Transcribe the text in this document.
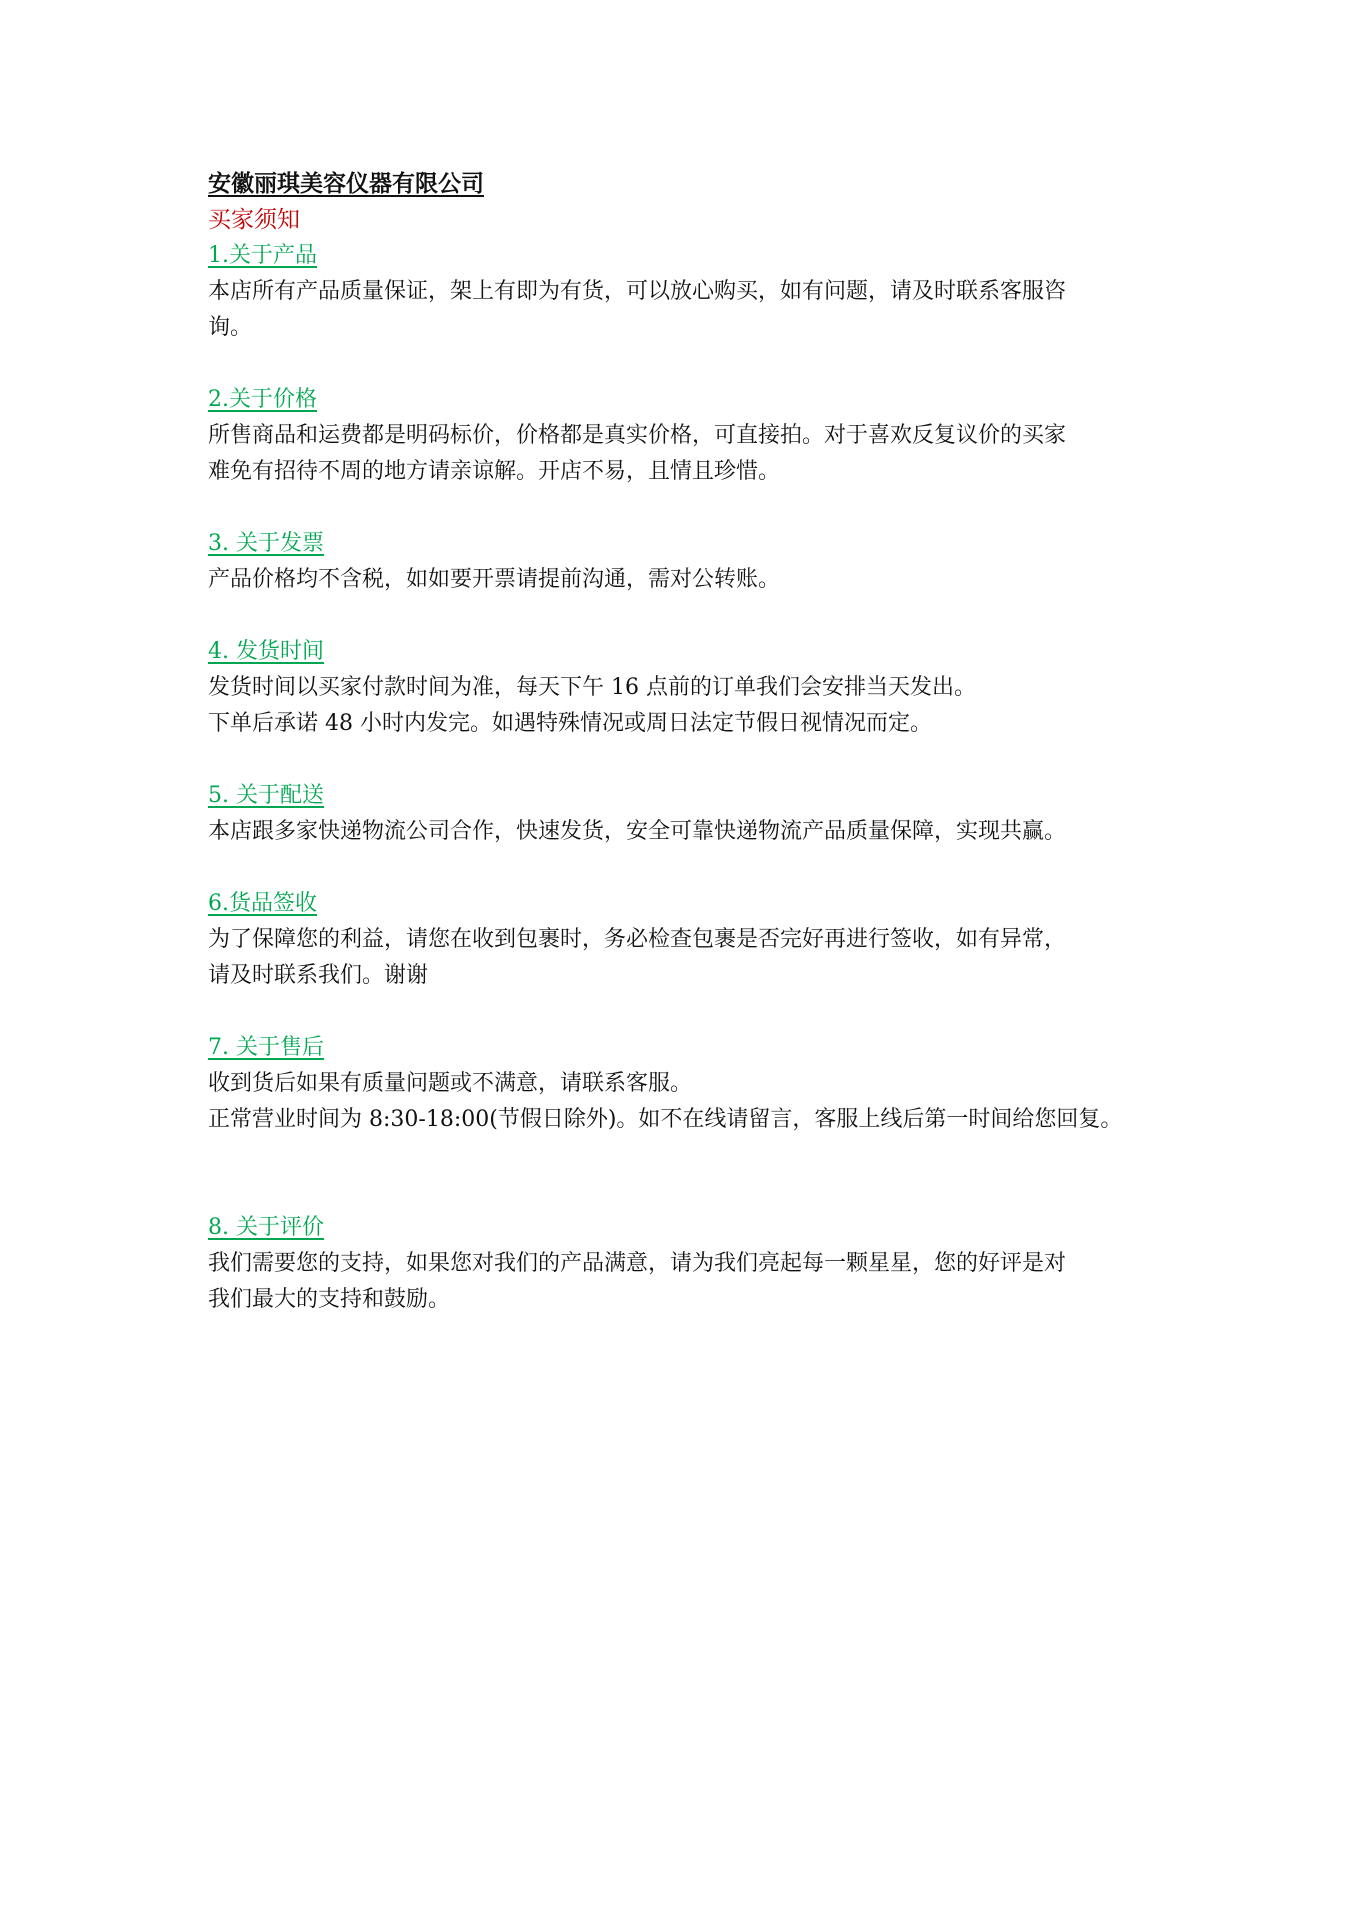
安徽丽琪美容仪器有限公司

买家须知

1.关于产品

本店所有产品质量保证，架上有即为有货，可以放心购买，如有问题，请及时联系客服咨

询。

2.关于价格

所售商品和运费都是明码标价，价格都是真实价格，可直接拍。对于喜欢反复议价的买家

难免有招待不周的地方请亲谅解。开店不易，且情且珍惜。

3. 关于发票

产品价格均不含税，如如要开票请提前沟通，需对公转账。

4. 发货时间

发货时间以买家付款时间为准，每天下午 16 点前的订单我们会安排当天发出。

下单后承诺 48 小时内发完。如遇特殊情况或周日法定节假日视情况而定。

5. 关于配送

本店跟多家快递物流公司合作，快速发货，安全可靠快递物流产品质量保障，实现共赢。

6.货品签收

为了保障您的利益，请您在收到包裹时，务必检查包裹是否完好再进行签收，如有异常，

请及时联系我们。谢谢

7. 关于售后

收到货后如果有质量问题或不满意，请联系客服。

正常营业时间为 8:30-18:00(节假日除外)。如不在线请留言，客服上线后第一时间给您回复。

8. 关于评价

我们需要您的支持，如果您对我们的产品满意，请为我们亮起每一颗星星，您的好评是对

我们最大的支持和鼓励。
